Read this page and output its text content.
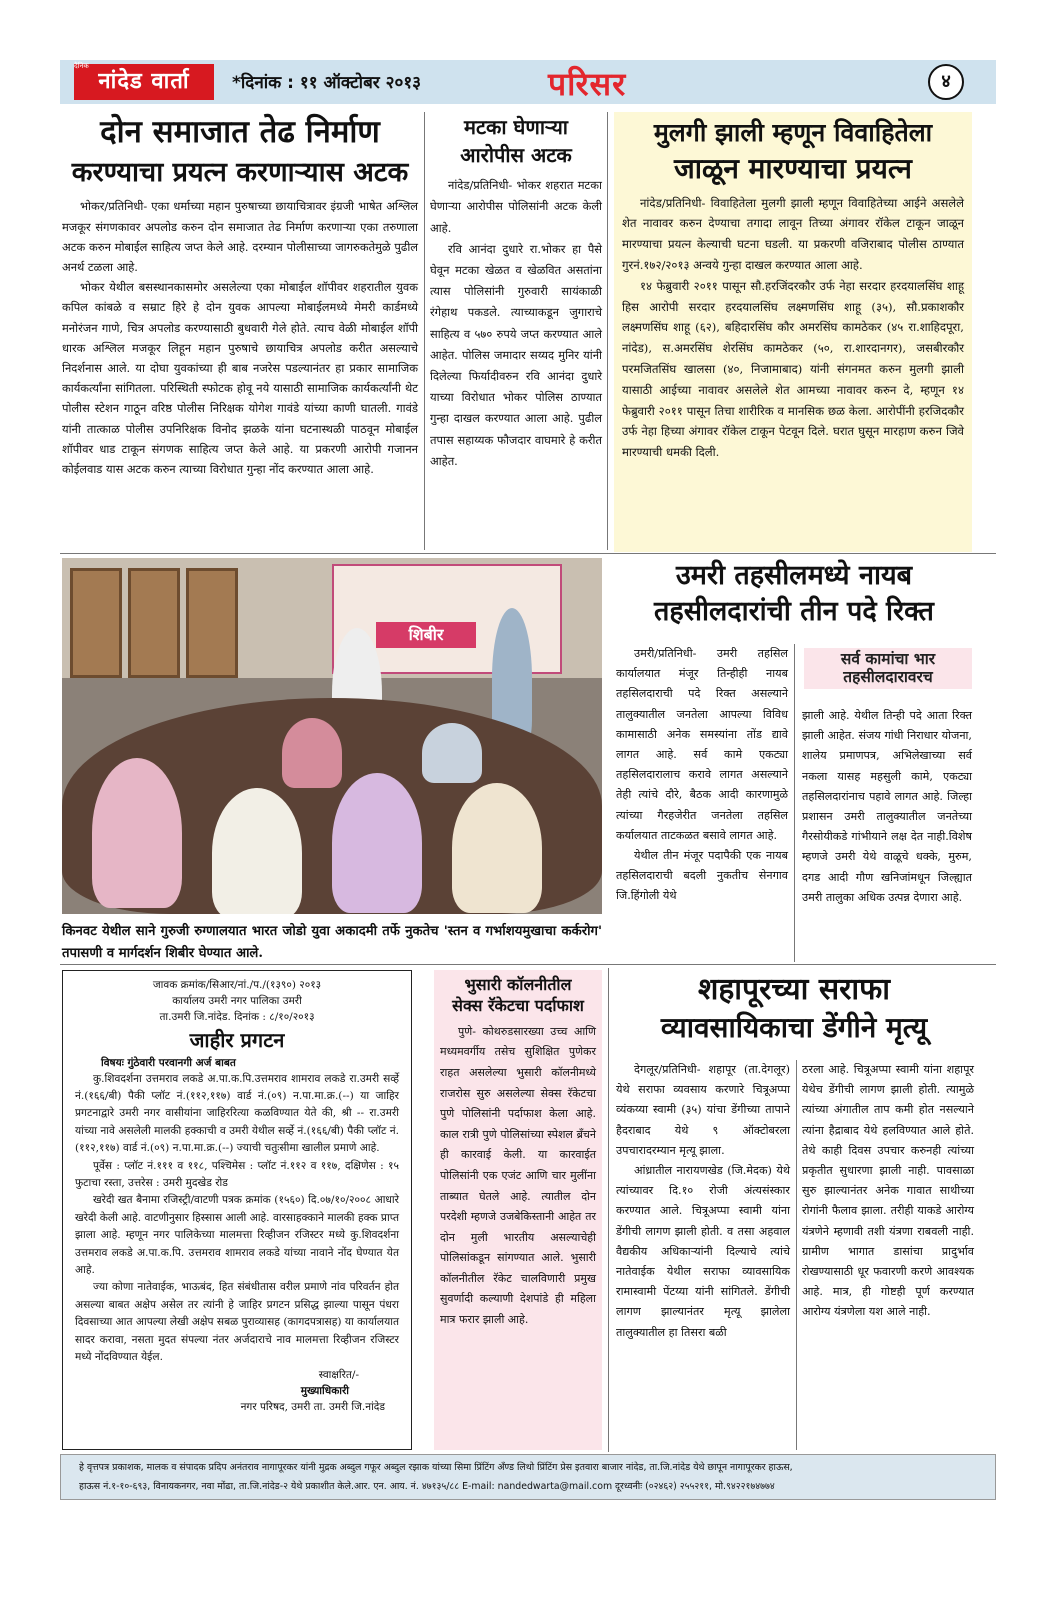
नांदेड वार्ता
दैनिक
*दिनांक : ११ ऑक्टोबर २०१३	परिसर	४
दोन समाजात तेढ निर्माण
करण्याचा प्रयत्न करणाऱ्यास अटक

भोकर/प्रतिनिधी- एका धर्माच्या महान पुरुषाच्या छायाचित्रावर इंग्रजी भाषेत अश्लिल मजकूर संगणकावर अपलोड करुन दोन समाजात तेढ निर्माण करणाऱ्या एका तरुणाला अटक करुन मोबाईल साहित्य जप्त केले आहे. दरम्यान पोलीसाच्या जागरुकतेमुळे पुढील अनर्थ टळला आहे.

भोकर येथील बसस्थानकासमोर असलेल्या एका मोबाईल शॉपीवर शहरातील युवक कपिल कांबळे व सम्राट हिरे हे दोन युवक आपल्या मोबाईलमध्ये मेमरी कार्डमध्ये मनोरंजन गाणे, चित्र अपलोड करण्यासाठी बुधवारी गेले होते. त्याच वेळी मोबाईल शॉपी धारक अश्लिल मजकूर लिहून महान पुरुषाचे छायाचित्र अपलोड करीत असल्याचे निदर्शनास आले. या दोघा युवकांच्या ही बाब नजरेस पडल्यानंतर हा प्रकार सामाजिक कार्यकर्त्यांना सांगितला. परिस्थिती स्फोटक होवू नये यासाठी सामाजिक कार्यकर्त्यांनी थेट पोलीस स्टेशन गाठून वरिष्ठ पोलीस निरिक्षक योगेश गावंडे यांच्या काणी घातली. गावंडे यांनी तात्काळ पोलीस उपनिरिक्षक विनोद झळके यांना घटनास्थळी पाठवून मोबाईल शॉपीवर धाड टाकून संगणक साहित्य जप्त केले आहे. या प्रकरणी आरोपी गजानन कोईलवाड यास अटक करुन त्याच्या विरोधात गुन्हा नोंद करण्यात आला आहे.

मटका घेणाऱ्या
आरोपीस अटक

नांदेड/प्रतिनिधी- भोकर शहरात मटका घेणाऱ्या आरोपीस पोलिसांनी अटक केली आहे.

रवि आनंदा दुधारे रा.भोकर हा पैसे घेवून मटका खेळत व खेळवित असतांना त्यास पोलिसांनी गुरुवारी सायंकाळी रंगेहाथ पकडले. त्याच्याकडून जुगाराचे साहित्य व ५७० रुपये जप्त करण्यात आले आहेत. पोलिस जमादार सय्यद मुनिर यांनी दिलेल्या फिर्यादीवरुन रवि आनंदा दुधारे याच्या विरोधात भोकर पोलिस ठाण्यात गुन्हा दाखल करण्यात आला आहे. पुढील तपास सहाय्यक फौजदार वाघमारे हे करीत आहेत.

मुलगी झाली म्हणून विवाहितेला
जाळून मारण्याचा प्रयत्न

नांदेड/प्रतिनिधी- विवाहितेला मुलगी झाली म्हणून विवाहितेच्या आईने असलेले शेत नावावर करुन देण्याचा तगादा लावून तिच्या अंगावर रॉकेल टाकून जाळून मारण्याचा प्रयत्न केल्याची घटना घडली. या प्रकरणी वजिराबाद पोलीस ठाण्यात गुरनं.१७२/२०१३ अन्वये गुन्हा दाखल करण्यात आला आहे.

१४ फेब्रुवारी २०११ पासून सौ.हरजिंदरकौर उर्फ नेहा सरदार हरदयालसिंघ शाहू हिस आरोपी सरदार हरदयालसिंघ लक्ष्मणसिंघ शाहू (३५), सौ.प्रकाशकौर लक्ष्मणसिंघ शाहू (६२), बहिदारसिंघ कौर अमरसिंघ कामठेकर (४५ रा.शाहिदपूरा, नांदेड), स.अमरसिंघ शेरसिंघ कामठेकर (५०, रा.शारदानगर), जसबीरकौर परमजितसिंघ खालसा (४०, निजामाबाद) यांनी संगनमत करुन मुलगी झाली यासाठी आईच्या नावावर असलेले शेत आमच्या नावावर करुन दे, म्हणून १४ फेब्रुवारी २०११ पासून तिचा शारीरिक व मानसिक छळ केला. आरोपींनी हरजिदकौर उर्फ नेहा हिच्या अंगावर रॉकेल टाकून पेटवून दिले. घरात घुसून मारहाण करुन जिवे मारण्याची धमकी दिली.

शिबीर
किनवट येथील साने गुरुजी रुग्णालयात भारत जोडो युवा अकादमी तर्फे नुकतेच 'स्तन व गर्भाशयमुखाचा कर्करोग' तपासणी व मार्गदर्शन शिबीर घेण्यात आले.
उमरी तहसीलमध्ये नायब
तहसीलदारांची तीन पदे रिक्त

उमरी/प्रतिनिधी- उमरी तहसिल कार्यालयात मंजूर तिन्हीही नायब तहसिलदाराची पदे रिक्त असल्याने तालुक्यातील जनतेला आपल्या विविध कामासाठी अनेक समस्यांना तोंड द्यावे लागत आहे. सर्व कामे एकट्या तहसिलदारालाच करावे लागत असल्याने तेही त्यांचे दौरे, बैठक आदी कारणामुळे त्यांच्या गैरहजेरीत जनतेला तहसिल कर्यालयात ताटकळत बसावे लागत आहे.

येथील तीन मंजूर पदापैकी एक नायब तहसिलदाराची बदली नुकतीच सेनगाव जि.हिंगोली येथे

सर्व कामांचा भार
तहसीलदारावरच

झाली आहे. येथील तिन्ही पदे आता रिक्त झाली आहेत. संजय गांधी निराधार योजना, शालेय प्रमाणपत्र, अभिलेखाच्या सर्व नकला यासह महसुली कामे, एकट्या तहसिलदारांनाच पहावे लागत आहे. जिल्हा प्रशासन उमरी तालुक्यातील जनतेच्या गैरसोयीकडे गांभीयाने लक्ष देत नाही.विशेष म्हणजे उमरी येथे वाळूचे धक्के, मुरुम, दगड आदी गौण खनिजांमधून जिल्ह्यात उमरी तालुका अधिक उत्पन्न देणारा आहे.

जावक क्रमांक/सिआर/नां./प./(१३९०) २०१३
कार्यालय उमरी नगर पालिका उमरी
ता.उमरी जि.नांदेड. दिनांक : ८/१०/२०१३
जाहीर प्रगटन
विषयः गुंठेवारी परवानगी अर्ज बाबत

कु.शिवदर्शना उत्तमराव लकडे अ.पा.क.पि.उत्तमराव शामराव लकडे रा.उमरी सर्व्हे नं.(१६६/बी) पैकी प्लॉट नं.(११२,११७) वार्ड नं.(०९) न.पा.मा.क्र.(--) या जाहिर प्रगटनाद्वारे उमरी नगर वासीयांना जाहिररित्या कळविण्यात येते की, श्री -- रा.उमरी यांच्या नावे असलेली मालकी हक्काची व उमरी येथील सर्व्हे नं.(१६६/बी) पैकी प्लॉट नं.(११२,११७) वार्ड नं.(०९) न.पा.मा.क्र.(--) ज्याची चतुःसीमा खालील प्रमाणे आहे.

पूर्वेस : प्लॉट नं.१११ व ११८, पश्चिमेस : प्लॉट नं.११२ व ११७, दक्षिणेस : १५ फुटाचा रस्ता, उत्तरेस : उमरी मुदखेड रोड

खरेदी खत बैनामा रजिस्ट्री/वाटणी पत्रक क्रमांक (१५६०) दि.०७/१०/२००८ आधारे खरेदी केली आहे. वाटणीनुसार हिस्सास आली आहे. वारसाहक्काने मालकी हक्क प्राप्त झाला आहे. म्हणून नगर पालिकेच्या मालमत्ता रिव्हीजन रजिस्टर मध्ये कु.शिवदर्शना उत्तमराव लकडे अ.पा.क.पि. उत्तमराव शामराव लकडे यांच्या नावाने नोंद घेण्यात येत आहे.

ज्या कोणा नातेवाईक, भाऊबंद, हित संबंधीतास वरील प्रमाणे नांव परिवर्तन होत असल्या बाबत अक्षेप असेल तर त्यांनी हे जाहिर प्रगटन प्रसिद्ध झाल्या पासून पंधरा दिवसाच्या आत आपल्या लेखी अक्षेप सबळ पुराव्यासह (कागदपत्रासह) या कार्यालयात सादर करावा, नसता मुदत संपल्या नंतर अर्जदाराचे नाव मालमत्ता रिव्हीजन रजिस्टर मध्ये नोंदविण्यात येईल.

स्वाक्षरित/-
मुख्याधिकारी
नगर परिषद, उमरी ता. उमरी जि.नांदेड
भुसारी कॉलनीतील
सेक्स रॅकेटचा पर्दाफाश

पुणे- कोथरुडसारख्या उच्च आणि मध्यमवर्गीय तसेच सुशिक्षित पुणेकर राहत असलेल्या भुसारी कॉलनीमध्ये राजरोस सुरु असलेल्या सेक्स रॅकेटचा पुणे पोलिसांनी पर्दाफाश केला आहे. काल रात्री पुणे पोलिसांच्या स्पेशल ब्रँचने ही कारवाई केली. या कारवाईत पोलिसांनी एक एजंट आणि चार मुलींना ताब्यात घेतले आहे. त्यातील दोन परदेशी म्हणजे उजबेकिस्तानी आहेत तर दोन मुली भारतीय असल्याचेही पोलिसांकडून सांगण्यात आले. भुसारी कॉलनीतील रॅकेट चालविणारी प्रमुख सुवर्णादी कल्याणी देशपांडे ही महिला मात्र फरार झाली आहे.

शहापूरच्या सराफा
व्यावसायिकाचा डेंगीने मृत्यू

देगलूर/प्रतिनिधी- शहापूर (ता.देगलूर) येथे सराफा व्यवसाय करणारे चित्रूअप्पा व्यंकय्या स्वामी (३५) यांचा डेंगीच्या तापाने हैदराबाद येथे ९ ऑक्टोबरला उपचारादरम्यान मृत्यू झाला.

आंध्रातील नारायणखेड (जि.मेदक) येथे त्यांच्यावर दि.१० रोजी अंत्यसंस्कार करण्यात आले. चित्रूअप्पा स्वामी यांना डेंगीची लागण झाली होती. व तसा अहवाल वैद्यकीय अधिकाऱ्यांनी दिल्याचे त्यांचे नातेवाईक येथील सराफा व्यावसायिक रामास्वामी पेंटय्या यांनी सांगितले. डेंगीची लागण झाल्यानंतर मृत्यू झालेला तालुक्यातील हा तिसरा बळी

ठरला आहे. चित्रूअप्पा स्वामी यांना शहापूर येथेच डेंगीची लागण झाली होती. त्यामुळे त्यांच्या अंगातील ताप कमी होत नसल्याने त्यांना हैद्राबाद येथे हलविण्यात आले होते. तेथे काही दिवस उपचार करुनही त्यांच्या प्रकृतीत सुधारणा झाली नाही. पावसाळा सुरु झाल्यानंतर अनेक गावात साथीच्या रोगांनी फैलाव झाला. तरीही याकडे आरोग्य यंत्रणेने म्हणावी तशी यंत्रणा राबवली नाही. ग्रामीण भागात डासांचा प्रादुर्भाव रोखण्यासाठी धूर फवारणी करणे आवश्यक आहे. मात्र, ही गोष्टही पूर्ण करण्यात आरोग्य यंत्रणेला यश आले नाही.

हे वृत्तपत्र प्रकाशक, मालक व संपादक प्रदिप अनंतराव नागापूरकर यांनी मुद्रक अब्दुल गफूर अब्दुल रझाक यांच्या सिमा प्रिंटिंग अँण्ड लिथो प्रिंटिंग प्रेस इतवारा बाजार नांदेड, ता.जि.नांदेड येथे छापून नागापूरकर हाऊस,
हाऊस नं.१-१०-६९३, विनायकनगर, नवा मोंढा, ता.जि.नांदेड-२ येथे प्रकाशीत केले.आर. एन. आय. नं. ४७१३५/८८ E-mail: nandedwarta@mail.com दूरध्वनीः (०२४६२) २५५२११, मो.९४२२१७४७७४
